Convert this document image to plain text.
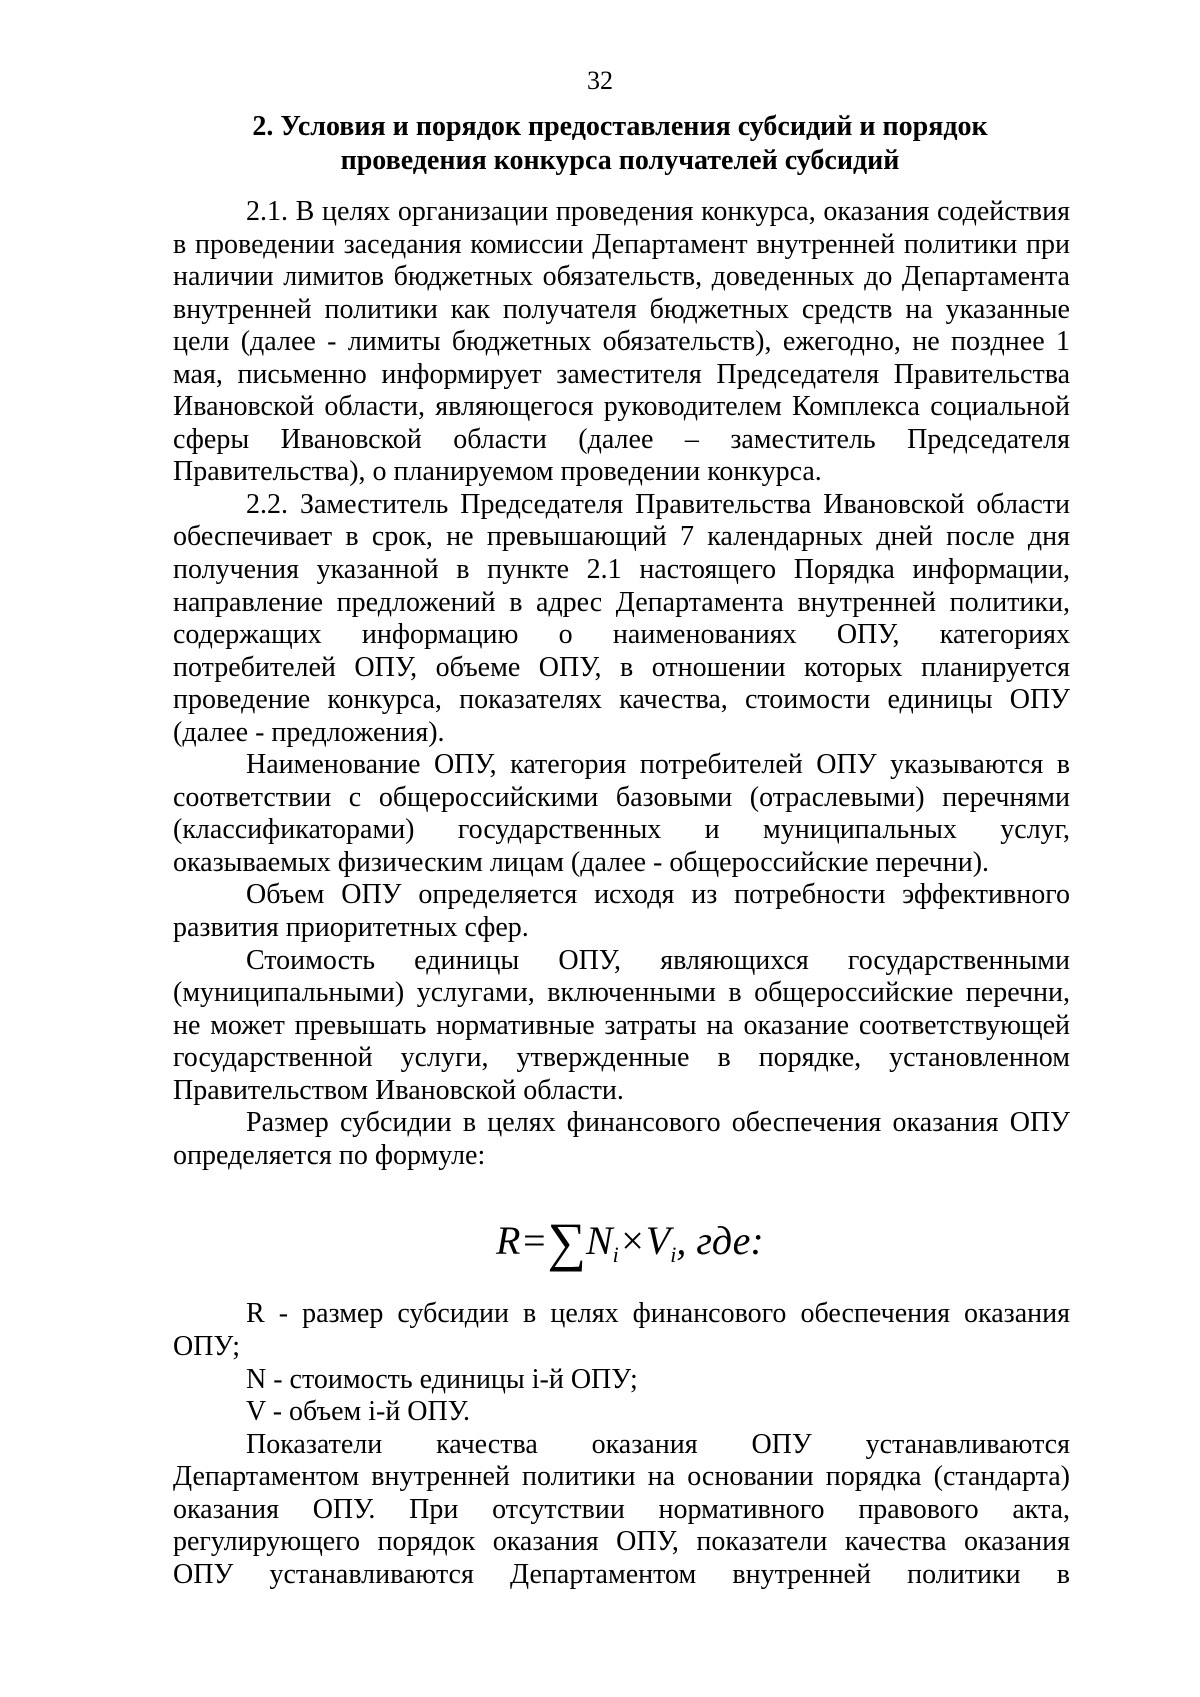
32
2. Условия и порядок предоставления субсидий и порядок
проведения конкурса получателей субсидий

2.1. В целях организации проведения конкурса, оказания содействия в проведении заседания комиссии Департамент внутренней политики при наличии лимитов бюджетных обязательств, доведенных до Департамента внутренней политики как получателя бюджетных средств на указанные цели (далее - лимиты бюджетных обязательств), ежегодно, не позднее 1 мая, письменно информирует заместителя Председателя Правительства Ивановской области, являющегося руководителем Комплекса социальной сферы Ивановской области (далее – заместитель Председателя Правительства), о планируемом проведении конкурса.

2.2. Заместитель Председателя Правительства Ивановской области обеспечивает в срок, не превышающий 7 календарных дней после дня получения указанной в пункте 2.1 настоящего Порядка информации, направление предложений в адрес Департамента внутренней политики, содержащих информацию о наименованиях ОПУ, категориях потребителей ОПУ, объеме ОПУ, в отношении которых планируется проведение конкурса, показателях качества, стоимости единицы ОПУ (далее - предложения).

Наименование ОПУ, категория потребителей ОПУ указываются в соответствии с общероссийскими базовыми (отраслевыми) перечнями (классификаторами) государственных и муниципальных услуг, оказываемых физическим лицам (далее - общероссийские перечни).

Объем ОПУ определяется исходя из потребности эффективного развития приоритетных сфер.

Стоимость единицы ОПУ, являющихся государственными (муниципальными) услугами, включенными в общероссийские перечни, не может превышать нормативные затраты на оказание соответствующей государственной услуги, утвержденные в порядке, установленном Правительством Ивановской области.

Размер субсидии в целях финансового обеспечения оказания ОПУ определяется по формуле:

$R=\sum N_i\times V_i$, где:

R - размер субсидии в целях финансового обеспечения оказания ОПУ;

N - стоимость единицы i-й ОПУ;

V - объем i-й ОПУ.

Показатели качества оказания ОПУ устанавливаются Департаментом внутренней политики на основании порядка (стандарта) оказания ОПУ. При отсутствии нормативного правового акта, регулирующего порядок оказания ОПУ, показатели качества оказания ОПУ устанавливаются Департаментом внутренней политики в
